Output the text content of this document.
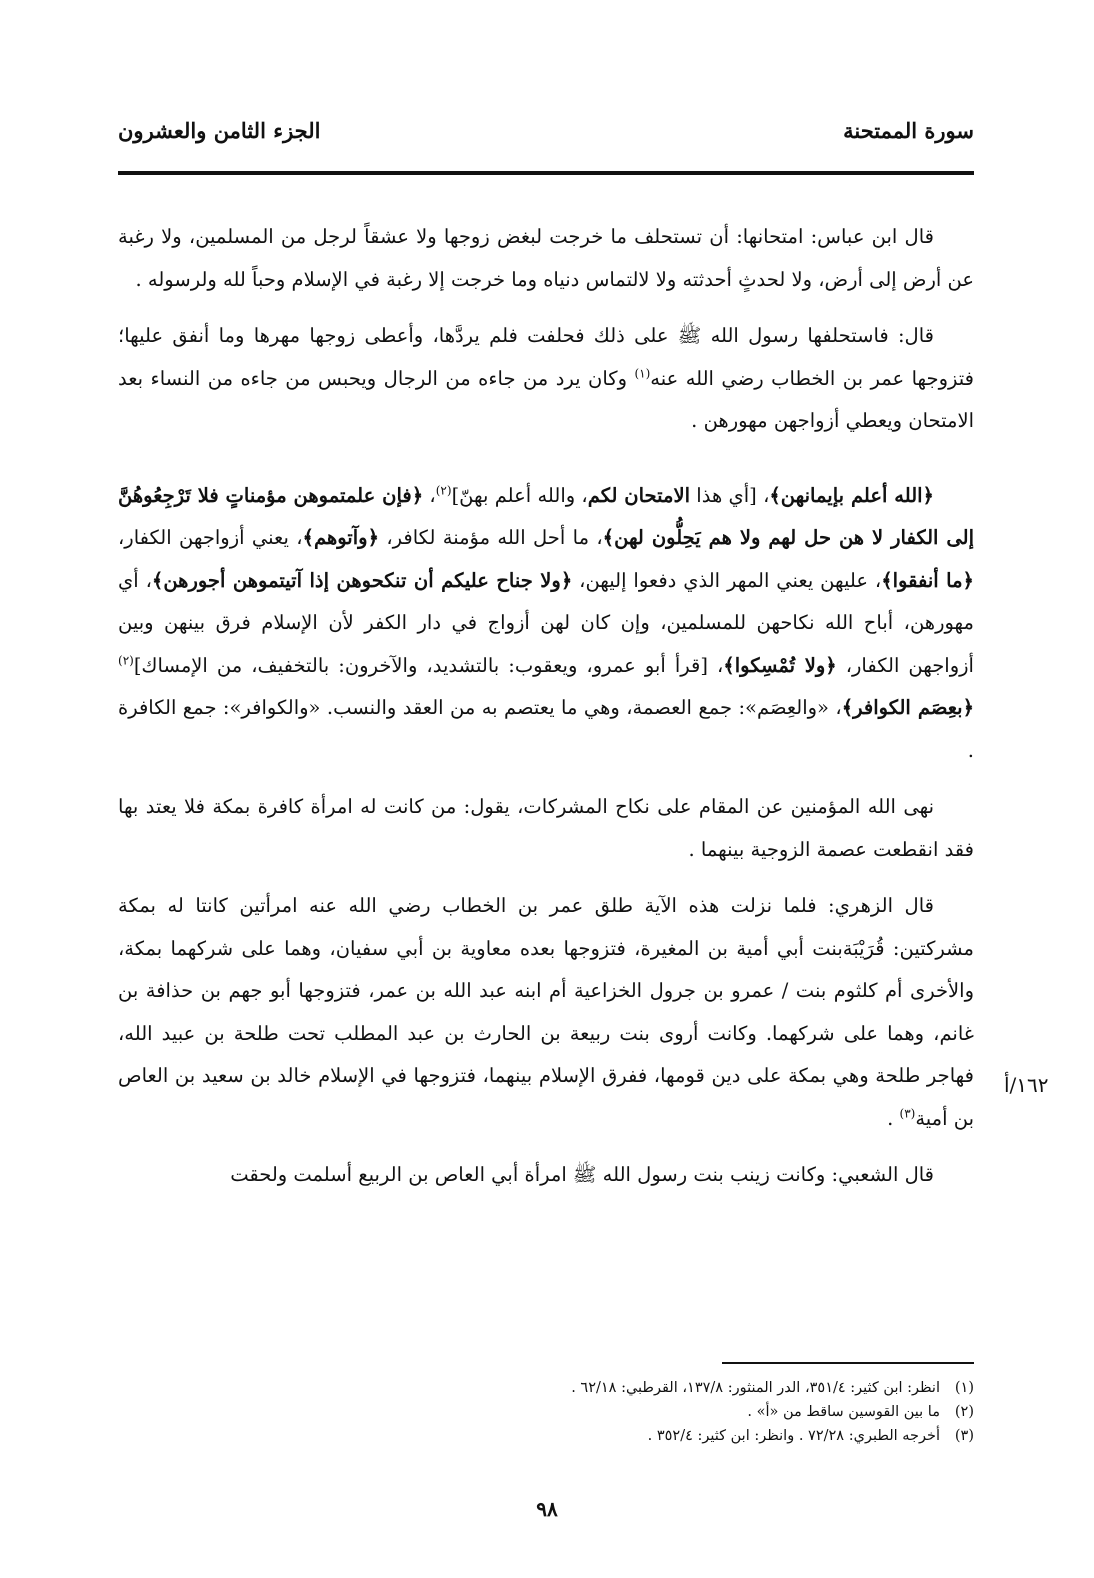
سورة الممتحنة
الجزء الثامن والعشرون

قال ابن عباس: امتحانها: أن تستحلف ما خرجت لبغض زوجها ولا عشقاً لرجل من المسلمين، ولا رغبة عن أرض إلى أرض، ولا لحدثٍ أحدثته ولا لالتماس دنياه وما خرجت إلا رغبة في الإسلام وحباً لله ولرسوله .

قال: فاستحلفها رسول الله ﷺ على ذلك فحلفت فلم يردَّها، وأعطى زوجها مهرها وما أنفق عليها؛ فتزوجها عمر بن الخطاب رضي الله عنه$^{(١)}$ وكان يرد من جاءه من الرجال ويحبس من جاءه من النساء بعد الامتحان ويعطي أزواجهن مهورهن .

﴿الله أعلم بإيمانهن﴾، [أي هذا الامتحان لكم، والله أعلم بهنّ]$^{(٢)}$، ﴿فإن علمتموهن مؤمناتٍ فلا تَرْجِعُوهُنَّ إلى الكفار لا هن حل لهم ولا هم يَحِلُّون لهن﴾، ما أحل الله مؤمنة لكافر، ﴿وآتوهم﴾، يعني أزواجهن الكفار، ﴿ما أنفقوا﴾، عليهن يعني المهر الذي دفعوا إليهن، ﴿ولا جناح عليكم أن تنكحوهن إذا آتيتموهن أجورهن﴾، أي مهورهن، أباح الله نكاحهن للمسلمين، وإن كان لهن أزواج في دار الكفر لأن الإسلام فرق بينهن وبين أزواجهن الكفار، ﴿ولا تُمْسِكوا﴾، [قرأ أبو عمرو، ويعقوب: بالتشديد، والآخرون: بالتخفيف، من الإمساك]$^{(٢)}$ ﴿بعِصَم الكوافر﴾، «والعِصَم»: جمع العصمة، وهي ما يعتصم به من العقد والنسب. «والكوافر»: جمع الكافرة .

نهى الله المؤمنين عن المقام على نكاح المشركات، يقول: من كانت له امرأة كافرة بمكة فلا يعتد بها فقد انقطعت عصمة الزوجية بينهما .

قال الزهري: فلما نزلت هذه الآية طلق عمر بن الخطاب رضي الله عنه امرأتين كانتا له بمكة مشركتين: قُرَيْبَةبنت أبي أمية بن المغيرة، فتزوجها بعده معاوية بن أبي سفيان، وهما على شركهما بمكة، والأخرى أم كلثوم بنت / عمرو بن جرول الخزاعية أم ابنه عبد الله بن عمر، فتزوجها أبو جهم بن حذافة بن غانم، وهما على شركهما. وكانت أروى بنت ربيعة بن الحارث بن عبد المطلب تحت طلحة بن عبيد الله، فهاجر طلحة وهي بمكة على دين قومها، ففرق الإسلام بينهما، فتزوجها في الإسلام خالد بن سعيد بن العاص بن أمية$^{(٣)}$ .

قال الشعبي: وكانت زينب بنت رسول الله ﷺ امرأة أبي العاص بن الربيع أسلمت ولحقت

١٦٢/أ
(١)انظر: ابن كثير: ٣٥١/٤، الدر المنثور: ١٣٧/٨، القرطبي: ٦٢/١٨ .
(٢)ما بين القوسين ساقط من «أ» .
(٣)أخرجه الطبري: ٧٢/٢٨ . وانظر: ابن كثير: ٣٥٢/٤ .
٩٨
